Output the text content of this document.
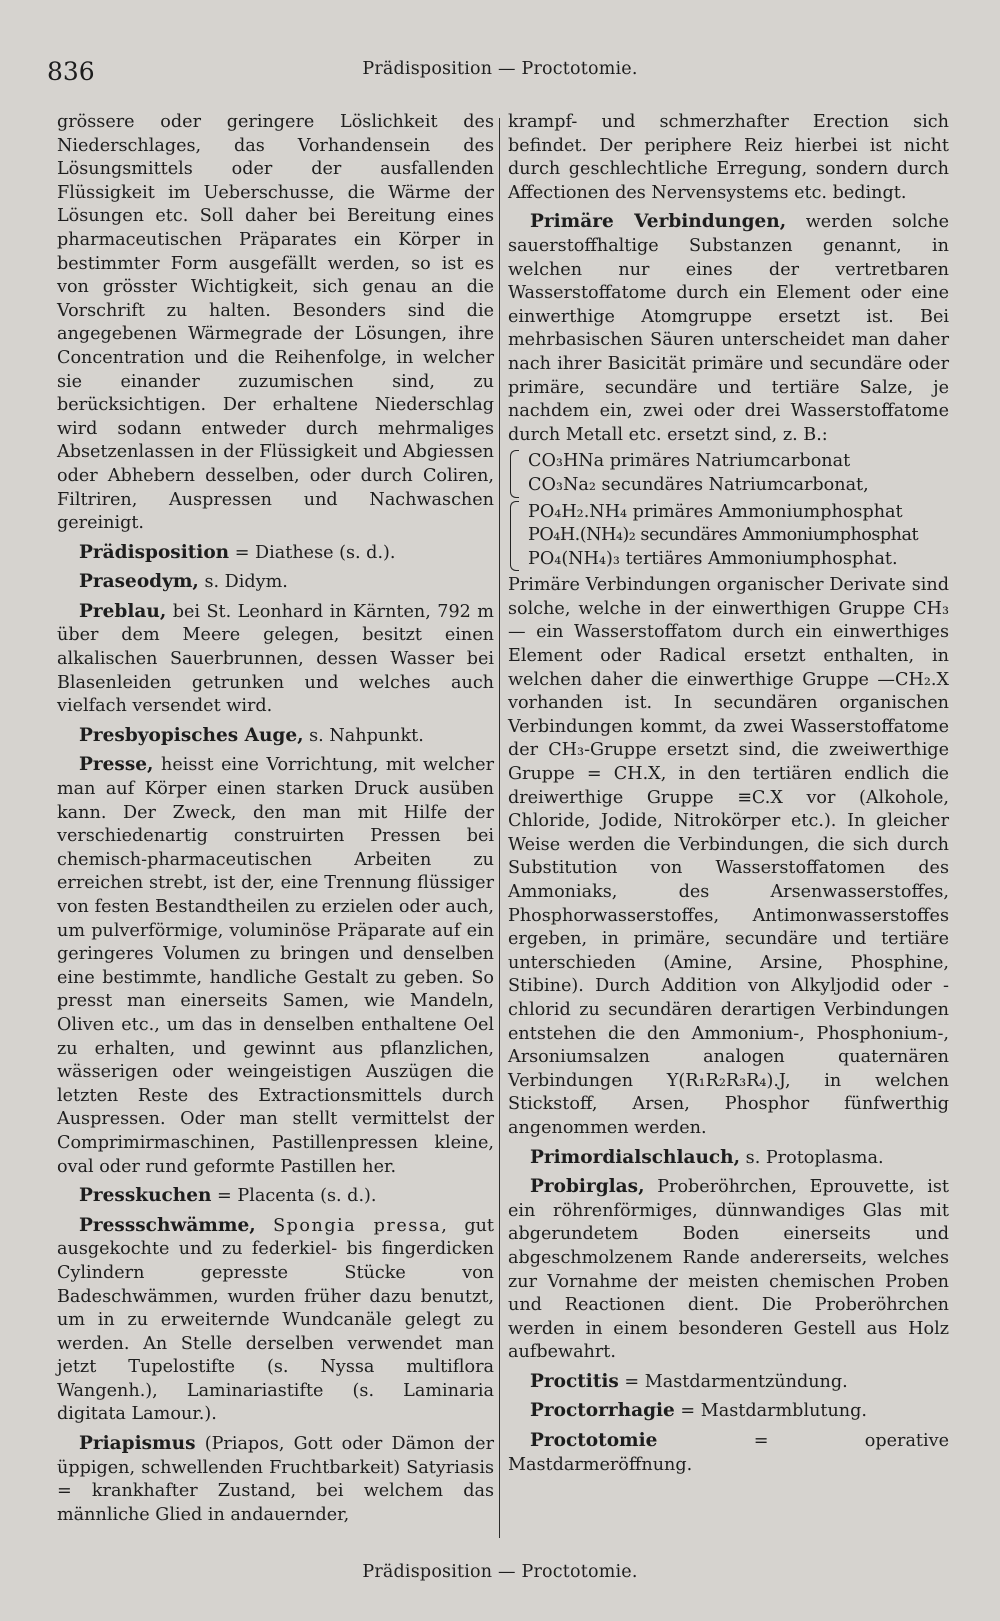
836	Prädisposition — Proctotomie.

grössere oder geringere Löslichkeit des Niederschlages, das Vorhandensein des Lösungsmittels oder der ausfallenden Flüssigkeit im Ueberschusse, die Wärme der Lösungen etc. Soll daher bei Bereitung eines pharmaceutischen Präparates ein Körper in bestimmter Form ausgefällt werden, so ist es von grösster Wichtigkeit, sich genau an die Vorschrift zu halten. Besonders sind die angegebenen Wärmegrade der Lösungen, ihre Concentration und die Reihenfolge, in welcher sie einander zuzumischen sind, zu berücksichtigen. Der erhaltene Niederschlag wird sodann entweder durch mehrmaliges Absetzenlassen in der Flüssigkeit und Abgiessen oder Abhebern desselben, oder durch Coliren, Filtriren, Auspressen und Nachwaschen gereinigt.

Prädisposition = Diathese (s. d.).

Praseodym, s. Didym.

Preblau, bei St. Leonhard in Kärnten, 792 m über dem Meere gelegen, besitzt einen alkalischen Sauerbrunnen, dessen Wasser bei Blasenleiden getrunken und welches auch vielfach versendet wird.

Presbyopisches Auge, s. Nahpunkt.

Presse, heisst eine Vorrichtung, mit welcher man auf Körper einen starken Druck ausüben kann. Der Zweck, den man mit Hilfe der verschiedenartig construirten Pressen bei chemisch-pharmaceutischen Arbeiten zu erreichen strebt, ist der, eine Trennung flüssiger von festen Bestandtheilen zu erzielen oder auch, um pulverförmige, voluminöse Präparate auf ein geringeres Volumen zu bringen und denselben eine bestimmte, handliche Gestalt zu geben. So presst man einerseits Samen, wie Mandeln, Oliven etc., um das in denselben enthaltene Oel zu erhalten, und gewinnt aus pflanzlichen, wässerigen oder weingeistigen Auszügen die letzten Reste des Extractionsmittels durch Auspressen. Oder man stellt vermittelst der Comprimirmaschinen, Pastillenpressen kleine, oval oder rund geformte Pastillen her.

Presskuchen = Placenta (s. d.).

Pressschwämme, Spongia pressa, gut ausgekochte und zu federkiel- bis fingerdicken Cylindern gepresste Stücke von Badeschwämmen, wurden früher dazu benutzt, um in zu erweiternde Wundcanäle gelegt zu werden. An Stelle derselben verwendet man jetzt Tupelostifte (s. Nyssa multiflora Wangenh.), Laminariastifte (s. Laminaria digitata Lamour.).

Priapismus (Priapos, Gott oder Dämon der üppigen, schwellenden Fruchtbarkeit) Satyriasis = krankhafter Zustand, bei welchem das männliche Glied in andauernder,

krampf- und schmerzhafter Erection sich befindet. Der periphere Reiz hierbei ist nicht durch geschlechtliche Erregung, sondern durch Affectionen des Nervensystems etc. bedingt.

Primäre Verbindungen, werden solche sauerstoffhaltige Substanzen genannt, in welchen nur eines der vertretbaren Wasserstoffatome durch ein Element oder eine einwerthige Atomgruppe ersetzt ist. Bei mehrbasischen Säuren unterscheidet man daher nach ihrer Basicität primäre und secundäre oder primäre, secundäre und tertiäre Salze, je nachdem ein, zwei oder drei Wasserstoffatome durch Metall etc. ersetzt sind, z. B.:

CO₃HNa primäres Natriumcarbonat
CO₃Na₂ secundäres Natriumcarbonat,
PO₄H₂.NH₄ primäres Ammoniumphosphat
PO₄H.(NH₄)₂ secundäres Ammoniumphosphat
PO₄(NH₄)₃ tertiäres Ammoniumphosphat.

Primäre Verbindungen organischer Derivate sind solche, welche in der einwerthigen Gruppe CH₃— ein Wasserstoffatom durch ein einwerthiges Element oder Radical ersetzt enthalten, in welchen daher die einwerthige Gruppe —CH₂.X vorhanden ist. In secundären organischen Verbindungen kommt, da zwei Wasserstoffatome der CH₃-Gruppe ersetzt sind, die zweiwerthige Gruppe = CH.X, in den tertiären endlich die dreiwerthige Gruppe ≡C.X vor (Alkohole, Chloride, Jodide, Nitrokörper etc.). In gleicher Weise werden die Verbindungen, die sich durch Substitution von Wasserstoffatomen des Ammoniaks, des Arsenwasserstoffes, Phosphorwasserstoffes, Antimonwasserstoffes ergeben, in primäre, secundäre und tertiäre unterschieden (Amine, Arsine, Phosphine, Stibine). Durch Addition von Alkyljodid oder -chlorid zu secundären derartigen Verbindungen entstehen die den Ammonium-, Phosphonium-, Arsoniumsalzen analogen quaternären Verbindungen Y(R₁R₂R₃R₄).J, in welchen Stickstoff, Arsen, Phosphor fünfwerthig angenommen werden.

Primordialschlauch, s. Protoplasma.

Probirglas, Proberöhrchen, Eprouvette, ist ein röhrenförmiges, dünnwandiges Glas mit abgerundetem Boden einerseits und abgeschmolzenem Rande andererseits, welches zur Vornahme der meisten chemischen Proben und Reactionen dient. Die Proberöhrchen werden in einem besonderen Gestell aus Holz aufbewahrt.

Proctitis = Mastdarmentzündung.

Proctorrhagie = Mastdarmblutung.

Proctotomie = operative Mastdarmeröffnung.

Prädisposition — Proctotomie.
